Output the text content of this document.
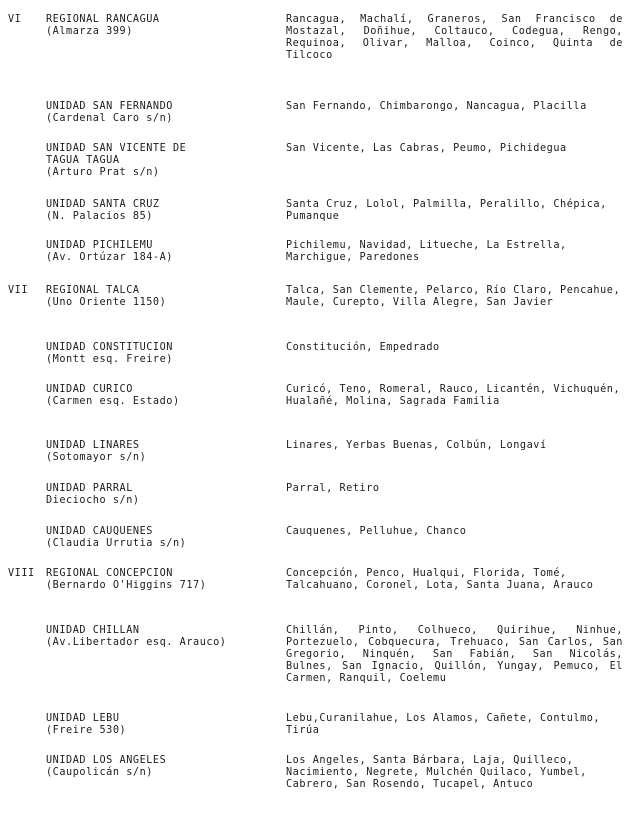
VI REGIONAL RANCAGUA
(Almarza 399)
Rancagua, Machalí, Graneros, San Francisco de Mostazal, Doñihue, Coltauco, Codegua, Rengo, Requinoa, Olivar, Malloa, Coinco, Quinta de Tilcoco
UNIDAD SAN FERNANDO
(Cardenal Caro s/n)
San Fernando, Chimbarongo, Nancagua, Placilla
UNIDAD SAN VICENTE DE
TAGUA TAGUA
(Arturo Prat s/n)
San Vicente, Las Cabras, Peumo, Pichidegua
UNIDAD SANTA CRUZ
(N. Palacios 85)
Santa Cruz, Lolol, Palmilla, Peralillo, Chépica, Pumanque
UNIDAD PICHILEMU
(Av. Ortúzar 184-A)
Pichilemu, Navidad, Litueche, La Estrella, Marchigue, Paredones
VII REGIONAL TALCA
(Uno Oriente 1150)
Talca, San Clemente, Pelarco, Río Claro, Pencahue, Maule, Curepto, Villa Alegre, San Javier
UNIDAD CONSTITUCION
(Montt esq. Freire)
Constitución, Empedrado
UNIDAD CURICO
(Carmen esq. Estado)
Curicó, Teno, Romeral, Rauco, Licantén, Vichuquén, Hualañé, Molina, Sagrada Familia
UNIDAD LINARES
(Sotomayor s/n)
Linares, Yerbas Buenas, Colbún, Longaví
UNIDAD PARRAL
Dieciocho s/n)
Parral, Retiro
UNIDAD CAUQUENES
(Claudia Urrutia s/n)
Cauquenes, Pelluhue, Chanco
VIII REGIONAL CONCEPCION
(Bernardo O'Higgins 717)
Concepción, Penco, Hualqui, Florida, Tomé, Talcahuano, Coronel, Lota, Santa Juana, Arauco
UNIDAD CHILLAN
(Av.Libertador esq. Arauco)
Chillán, Pinto, Colhueco, Quirihue, Ninhue, Portezuelo, Cobquecura, Trehuaco, San Carlos, San Gregorio, Ninquén, San Fabián, San Nicolás, Bulnes, San Ignacio, Quillón, Yungay, Pemuco, El Carmen, Ranquil, Coelemu
UNIDAD LEBU
(Freire 530)
Lebu,Curanilahue, Los Alamos, Cañete, Contulmo, Tirúa
UNIDAD LOS ANGELES
(Caupolicán s/n)
Los Angeles, Santa Bárbara, Laja, Quilleco, Nacimiento, Negrete, Mulchén Quilaco, Yumbel, Cabrero, San Rosendo, Tucapel, Antuco
